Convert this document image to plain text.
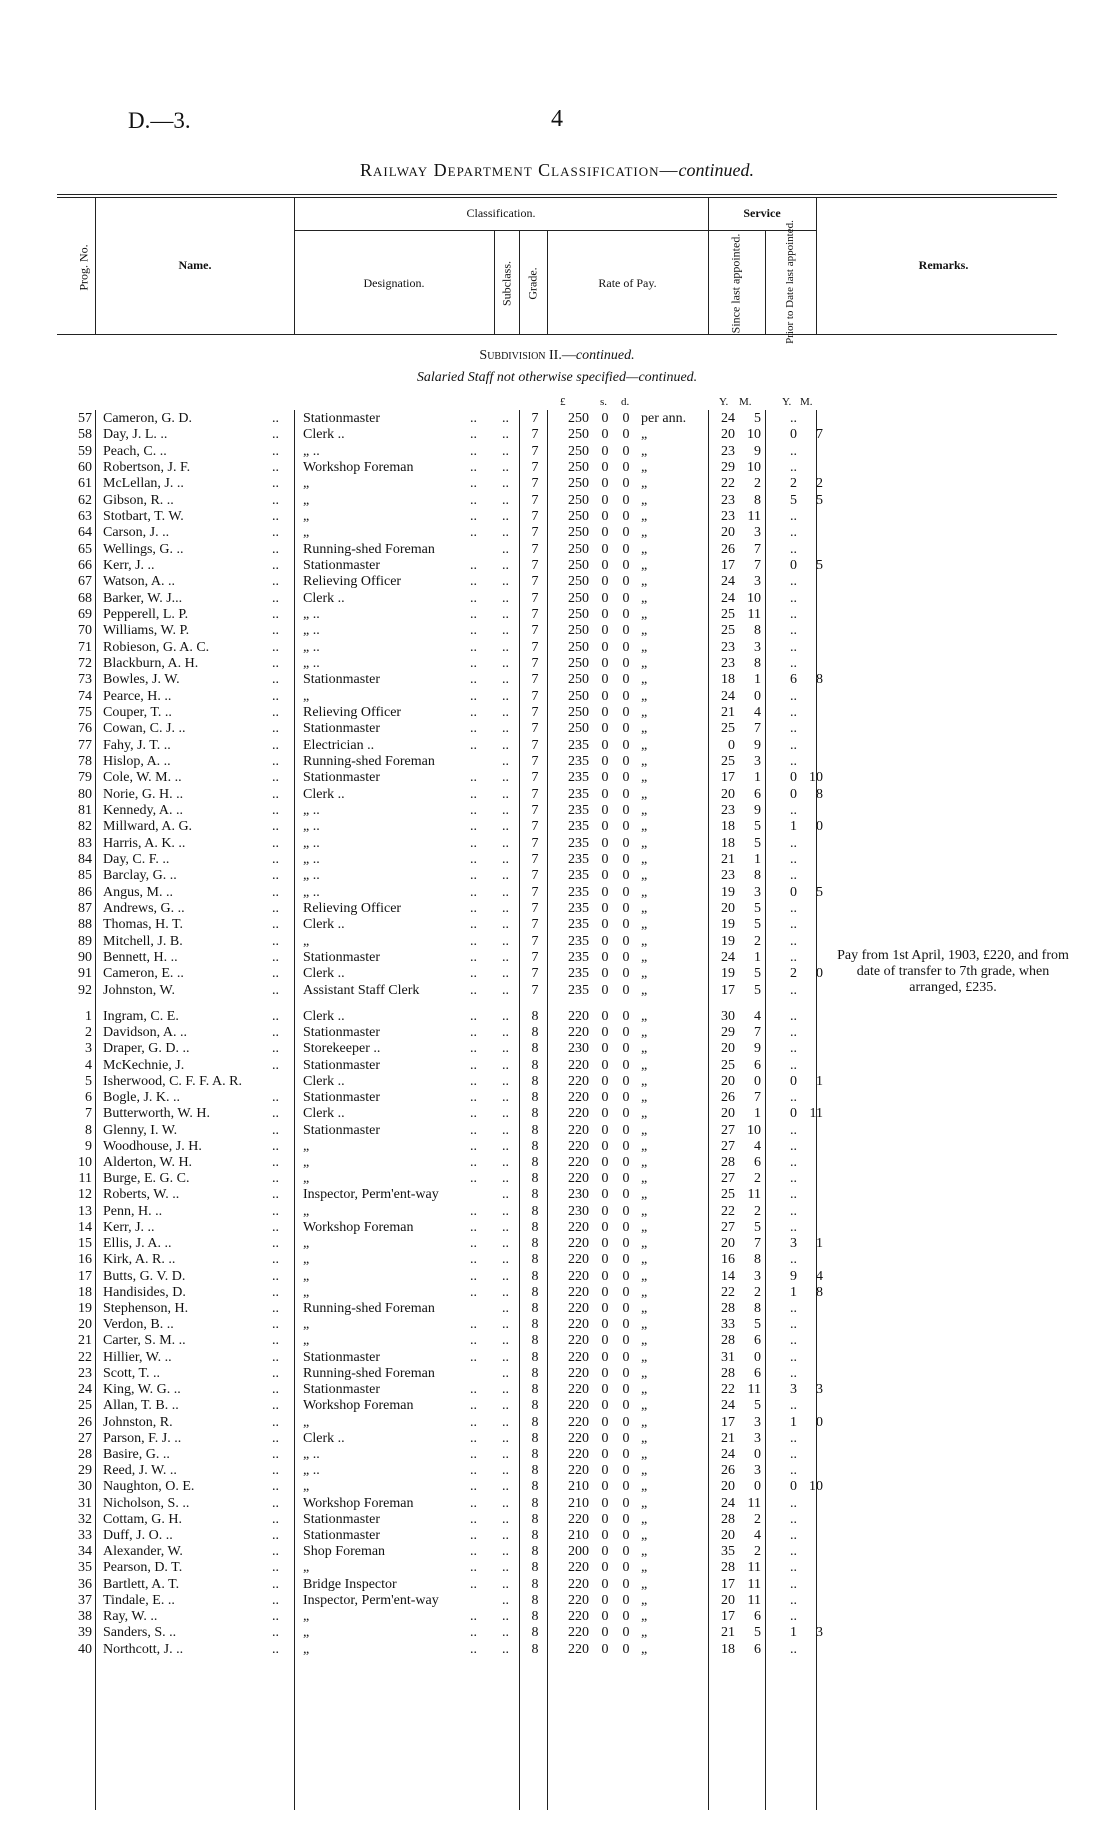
D.—3.	4
Railway Department Classification—continued.
Prog. No.	Name.
Classification.
Designation.	Subclass. Grade.	Rate of Pay.
Service
Since last appointed.	Prior to Date last appointed.	Remarks.
Subdivision II.—continued.
Salaried Staff not otherwise specified—continued.
£	s. d.	Y. M.	Y. M.
57 Cameron, G. D.	.. Stationmaster	.. ..	7	250 0 0 per ann.	24	5	..
58 Day, J. L. ..	.. Clerk ..	.. ..	7	250 0 0 „	20 10	0	7
59 Peach, C. ..	.. „ ..	.. ..	7	250 0 0 „	23	9	..
60 Robertson, J. F.	.. Workshop Foreman	.. ..	7	250 0 0 „	29 10	..
61 McLellan, J. ..	.. „	.. ..	7	250 0 0 „	22	2	2	2
62 Gibson, R. ..	.. „	.. ..	7	250 0 0 „	23	8	5	5
63 Stotbart, T. W.	.. „	.. ..	7	250 0 0 „	23 11	..
64 Carson, J. ..	.. „	.. ..	7	250 0 0 „	20	3	..
65 Wellings, G. ..	.. Running-shed Foreman	..	7	250 0 0 „	26	7	..
66 Kerr, J. ..	.. Stationmaster	.. ..	7	250 0 0 „	17	7	0	5
67 Watson, A. ..	.. Relieving Officer	.. ..	7	250 0 0 „	24	3	..
68 Barker, W. J...	.. Clerk ..	.. ..	7	250 0 0 „	24 10	..
69 Pepperell, L. P.	.. „ ..	.. ..	7	250 0 0 „	25 11	..
70 Williams, W. P.	.. „ ..	.. ..	7	250 0 0 „	25	8	..
71 Robieson, G. A. C.	.. „ ..	.. ..	7	250 0 0 „	23	3	..
72 Blackburn, A. H.	.. „ ..	.. ..	7	250 0 0 „	23	8	..
73 Bowles, J. W.	.. Stationmaster	.. ..	7	250 0 0 „	18	1	6	8
74 Pearce, H. ..	.. „	.. ..	7	250 0 0 „	24	0	..
75 Couper, T. ..	.. Relieving Officer	.. ..	7	250 0 0 „	21	4	..
76 Cowan, C. J. ..	.. Stationmaster	.. ..	7	250 0 0 „	25	7	..
77 Fahy, J. T. ..	.. Electrician ..	.. ..	7	235 0 0 „	0	9	..
78 Hislop, A. ..	.. Running-shed Foreman	..	7	235 0 0 „	25	3	..
79 Cole, W. M. ..	.. Stationmaster	.. ..	7	235 0 0 „	17	1	0 10
80 Norie, G. H. ..	.. Clerk ..	.. ..	7	235 0 0 „	20	6	0	8
81 Kennedy, A. ..	.. „ ..	.. ..	7	235 0 0 „	23	9	..
82 Millward, A. G.	.. „ ..	.. ..	7	235 0 0 „	18	5	1	0
83 Harris, A. K. ..	.. „ ..	.. ..	7	235 0 0 „	18	5	..
84 Day, C. F. ..	.. „ ..	.. ..	7	235 0 0 „	21	1	..
85 Barclay, G. ..	.. „ ..	.. ..	7	235 0 0 „	23	8	..
86 Angus, M. ..	.. „ ..	.. ..	7	235 0 0 „	19	3	0	5
87 Andrews, G. ..	.. Relieving Officer	.. ..	7	235 0 0 „	20	5	..
88 Thomas, H. T.	.. Clerk ..	.. ..	7	235 0 0 „	19	5	..
89 Mitchell, J. B.	.. „	.. ..	7	235 0 0 „	19	2	..
90 Bennett, H. ..	.. Stationmaster	.. ..	7	235 0 0 „	24	1	..
91 Cameron, E. ..	.. Clerk ..	.. ..	7	235 0 0 „	19	5	2	0
92 Johnston, W.	.. Assistant Staff Clerk	.. ..	7	235 0 0 „	17	5	..
1 Ingram, C. E.	.. Clerk ..	.. ..	8	220 0 0 „	30	4	..
2 Davidson, A. ..	.. Stationmaster	.. ..	8	220 0 0 „	29	7	..
3 Draper, G. D. ..	.. Storekeeper ..	.. ..	8	230 0 0 „	20	9	..
4 McKechnie, J.	.. Stationmaster	.. ..	8	220 0 0 „	25	6	..
5 Isherwood, C. F. F. A. R.	Clerk ..	.. ..	8	220 0 0 „	20	0	0	1
6 Bogle, J. K. ..	.. Stationmaster	.. ..	8	220 0 0 „	26	7	..
7 Butterworth, W. H.	.. Clerk ..	.. ..	8	220 0 0 „	20	1	0 11
8 Glenny, I. W.	.. Stationmaster	.. ..	8	220 0 0 „	27 10	..
9 Woodhouse, J. H.	.. „	.. ..	8	220 0 0 „	27	4	..
10 Alderton, W. H.	.. „	.. ..	8	220 0 0 „	28	6	..
11 Burge, E. G. C.	.. „	.. ..	8	220 0 0 „	27	2	..
12 Roberts, W. ..	.. Inspector, Perm'ent-way	..	8	230 0 0 „	25 11	..
13 Penn, H. ..	.. „	.. ..	8	230 0 0 „	22	2	..
14 Kerr, J. ..	.. Workshop Foreman	.. ..	8	220 0 0 „	27	5	..
15 Ellis, J. A. ..	.. „	.. ..	8	220 0 0 „	20	7	3	1
16 Kirk, A. R. ..	.. „	.. ..	8	220 0 0 „	16	8	..
17 Butts, G. V. D.	.. „	.. ..	8	220 0 0 „	14	3	9	4
18 Handisides, D.	.. „	.. ..	8	220 0 0 „	22	2	1	8
19 Stephenson, H.	.. Running-shed Foreman	..	8	220 0 0 „	28	8	..
20 Verdon, B. ..	.. „	.. ..	8	220 0 0 „	33	5	..
21 Carter, S. M. ..	.. „	.. ..	8	220 0 0 „	28	6	..
22 Hillier, W. ..	.. Stationmaster	.. ..	8	220 0 0 „	31	0	..
23 Scott, T. ..	.. Running-shed Foreman	..	8	220 0 0 „	28	6	..
24 King, W. G. ..	.. Stationmaster	.. ..	8	220 0 0 „	22 11	3	3
25 Allan, T. B. ..	.. Workshop Foreman	.. ..	8	220 0 0 „	24	5	..
26 Johnston, R.	.. „	.. ..	8	220 0 0 „	17	3	1	0
27 Parson, F. J. ..	.. Clerk ..	.. ..	8	220 0 0 „	21	3	..
28 Basire, G. ..	.. „ ..	.. ..	8	220 0 0 „	24	0	..
29 Reed, J. W. ..	.. „ ..	.. ..	8	220 0 0 „	26	3	..
30 Naughton, O. E.	.. „	.. ..	8	210 0 0 „	20	0	0 10
31 Nicholson, S. ..	.. Workshop Foreman	.. ..	8	210 0 0 „	24 11	..
32 Cottam, G. H.	.. Stationmaster	.. ..	8	220 0 0 „	28	2	..
33 Duff, J. O. ..	.. Stationmaster	.. ..	8	210 0 0 „	20	4	..
34 Alexander, W.	.. Shop Foreman	.. ..	8	200 0 0 „	35	2	..
35 Pearson, D. T.	.. „	.. ..	8	220 0 0 „	28 11	..
36 Bartlett, A. T.	.. Bridge Inspector	.. ..	8	220 0 0 „	17 11	..
37 Tindale, E. ..	.. Inspector, Perm'ent-way	..	8	220 0 0 „	20 11	..
38 Ray, W. ..	.. „	.. ..	8	220 0 0 „	17	6	..
39 Sanders, S. ..	.. „	.. ..	8	220 0 0 „	21	5	1	3
40 Northcott, J. ..	.. „	.. ..	8	220 0 0 „	18	6	..
Pay from 1st April, 1903, £220, and from date of transfer to 7th grade, when arranged, £235.
